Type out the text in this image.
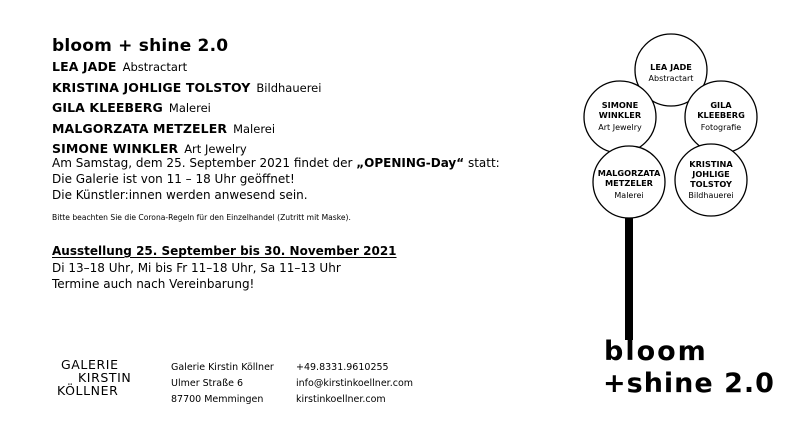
bloom + shine 2.0
LEA JADE Abstractart
KRISTINA JOHLIGE TOLSTOY Bildhauerei
GILA KLEEBERG Malerei
MALGORZATA METZELER Malerei
SIMONE WINKLER Art Jewelry
Am Samstag, dem 25. September 2021 findet der „OPENING-Day“ statt:
Die Galerie ist von 11 – 18 Uhr geöffnet!
Die Künstler:innen werden anwesend sein.
Bitte beachten Sie die Corona-Regeln für den Einzelhandel (Zutritt mit Maske).
Ausstellung 25. September bis 30. November 2021
Di 13–18 Uhr, Mi bis Fr 11–18 Uhr, Sa 11–13 Uhr
Termine auch nach Vereinbarung!
GALERIE
KIRSTIN
KÖLLNER
Galerie Kirstin Köllner
Ulmer Straße 6
87700 Memmingen
+49.8331.9610255
info@kirstinkoellner.com
kirstinkoellner.com
LEA JADE
Abstractart
SIMONE
WINKLER
Art Jewelry
GILA
KLEEBERG
Fotografie
MALGORZATA
METZELER
Malerei
KRISTINA
JOHLIGE
TOLSTOY
Bildhauerei
bloom
+shine 2.0
